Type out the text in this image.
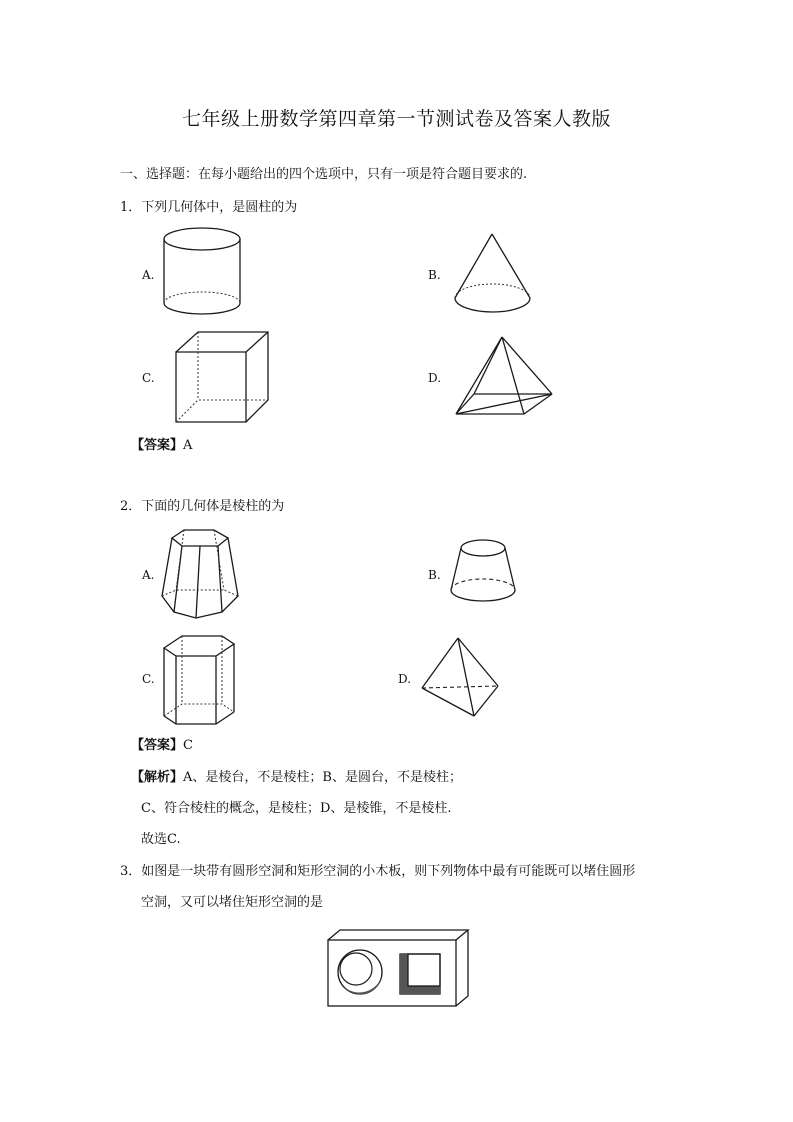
七年级上册数学第四章第一节测试卷及答案人教版
一、选择题：在每小题给出的四个选项中，只有一项是符合题目要求的.
1．下列几何体中，是圆柱的为
A.	B.
C.	D.
【答案】A
2．下面的几何体是棱柱的为
A.	B.
C.	D.
【答案】C
【解析】A、是棱台，不是棱柱；B、是圆台，不是棱柱；
C、符合棱柱的概念，是棱柱；D、是棱锥，不是棱柱.
故选C.
3．如图是一块带有圆形空洞和矩形空洞的小木板，则下列物体中最有可能既可以堵住圆形
空洞，又可以堵住矩形空洞的是
